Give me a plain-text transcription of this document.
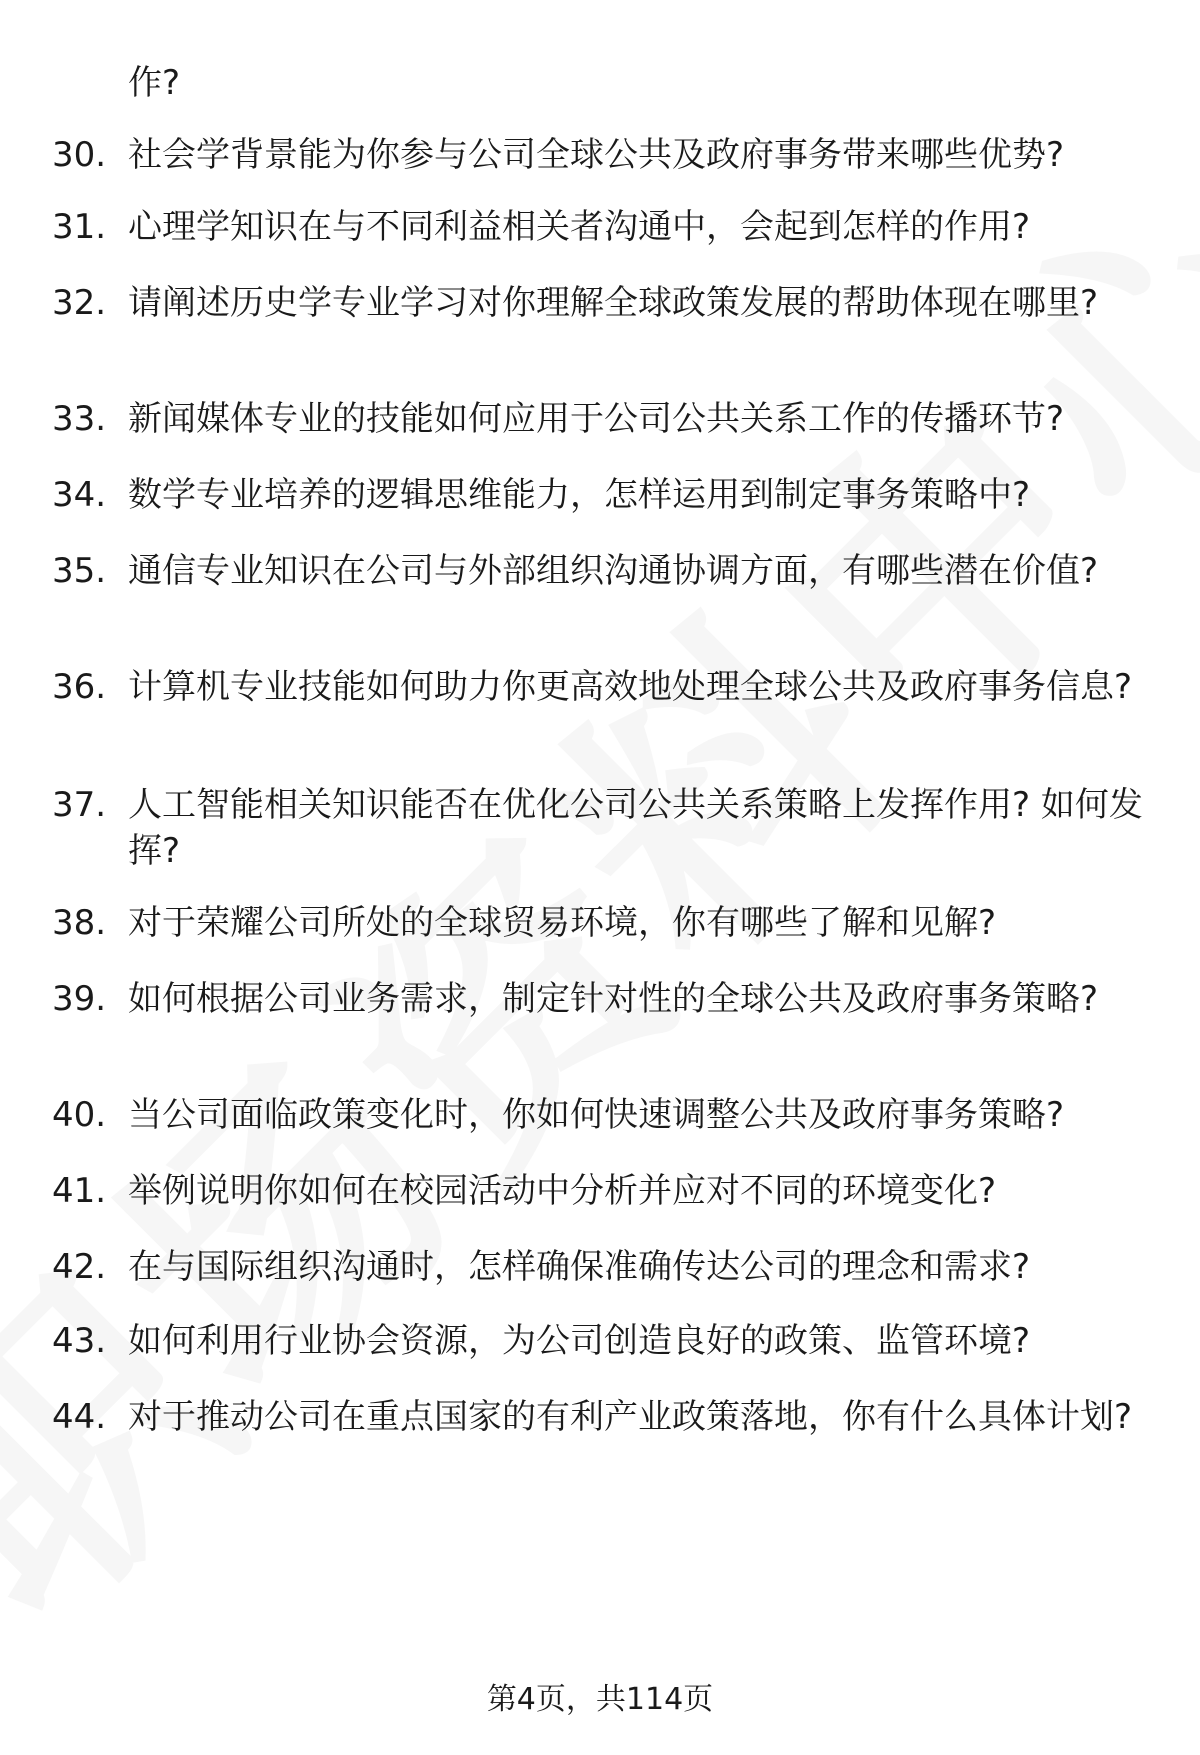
作?
30. 社会学背景能为你参与公司全球公共及政府事务带来哪些优势?
31. 心理学知识在与不同利益相关者沟通中，会起到怎样的作用?
32. 请阐述历史学专业学习对你理解全球政策发展的帮助体现在哪里?
33. 新闻媒体专业的技能如何应用于公司公共关系工作的传播环节?
34. 数学专业培养的逻辑思维能力，怎样运用到制定事务策略中?
35. 通信专业知识在公司与外部组织沟通协调方面，有哪些潜在价值?
36. 计算机专业技能如何助力你更高效地处理全球公共及政府事务信息?
37. 人工智能相关知识能否在优化公司公共关系策略上发挥作用? 如何发挥?
38. 对于荣耀公司所处的全球贸易环境，你有哪些了解和见解?
39. 如何根据公司业务需求，制定针对性的全球公共及政府事务策略?
40. 当公司面临政策变化时，你如何快速调整公共及政府事务策略?
41. 举例说明你如何在校园活动中分析并应对不同的环境变化?
42. 在与国际组织沟通时，怎样确保准确传达公司的理念和需求?
43. 如何利用行业协会资源，为公司创造良好的政策、监管环境?
44. 对于推动公司在重点国家的有利产业政策落地，你有什么具体计划?
第4页，共114页
